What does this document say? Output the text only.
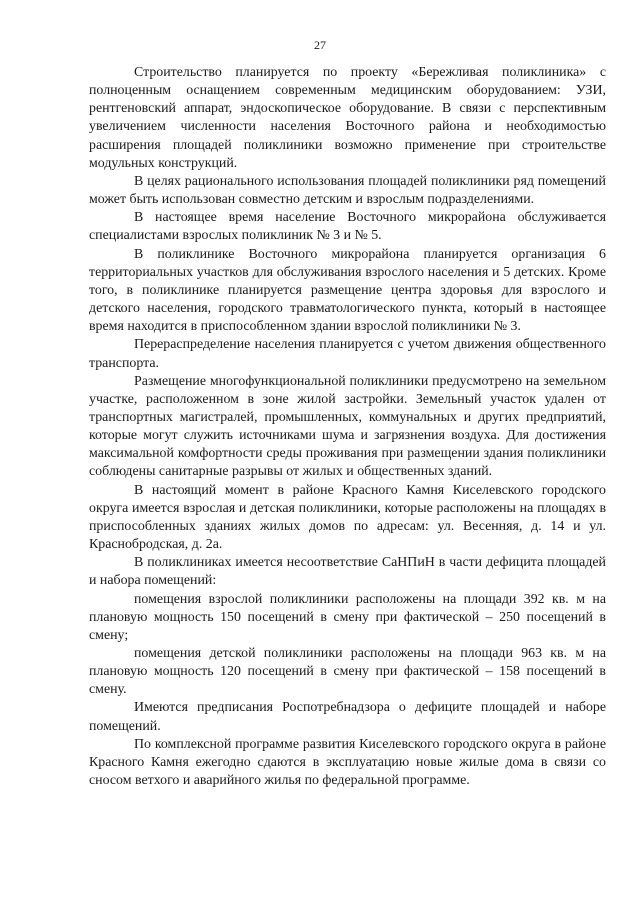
27

Строительство планируется по проекту «Бережливая поликлиника» с полноценным оснащением современным медицинским оборудованием: УЗИ, рентгеновский аппарат, эндоскопическое оборудование. В связи с перспективным увеличением численности населения Восточного района и необходимостью расширения площадей поликлиники возможно применение при строительстве модульных конструкций.

В целях рационального использования площадей поликлиники ряд помещений может быть использован совместно детским и взрослым подразделениями.

В настоящее время население Восточного микрорайона обслуживается специалистами взрослых поликлиник № 3 и № 5.

В поликлинике Восточного микрорайона планируется организация 6 территориальных участков для обслуживания взрослого населения и 5 детских. Кроме того, в поликлинике планируется размещение центра здоровья для взрослого и детского населения, городского травматологического пункта, который в настоящее время находится в приспособленном здании взрослой поликлиники № 3.

Перераспределение населения планируется с учетом движения общественного транспорта.

Размещение многофункциональной поликлиники предусмотрено на земельном участке, расположенном в зоне жилой застройки. Земельный участок удален от транспортных магистралей, промышленных, коммунальных и других предприятий, которые могут служить источниками шума и загрязнения воздуха. Для достижения максимальной комфортности среды проживания при размещении здания поликлиники соблюдены санитарные разрывы от жилых и общественных зданий.

В настоящий момент в районе Красного Камня Киселевского городского округа имеется взрослая и детская поликлиники, которые расположены на площадях в приспособленных зданиях жилых домов по адресам: ул. Весенняя, д. 14 и ул. Краснобродская, д. 2а.

В поликлиниках имеется несоответствие СаНПиН в части дефицита площадей и набора помещений:

помещения взрослой поликлиники расположены на площади 392 кв. м на плановую мощность 150 посещений в смену при фактической – 250 посещений в смену;

помещения детской поликлиники расположены на площади 963 кв. м на плановую мощность 120 посещений в смену при фактической – 158 посещений в смену.

Имеются предписания Роспотребнадзора о дефиците площадей и наборе помещений.

По комплексной программе развития Киселевского городского округа в районе Красного Камня ежегодно сдаются в эксплуатацию новые жилые дома в связи со сносом ветхого и аварийного жилья по федеральной программе.
